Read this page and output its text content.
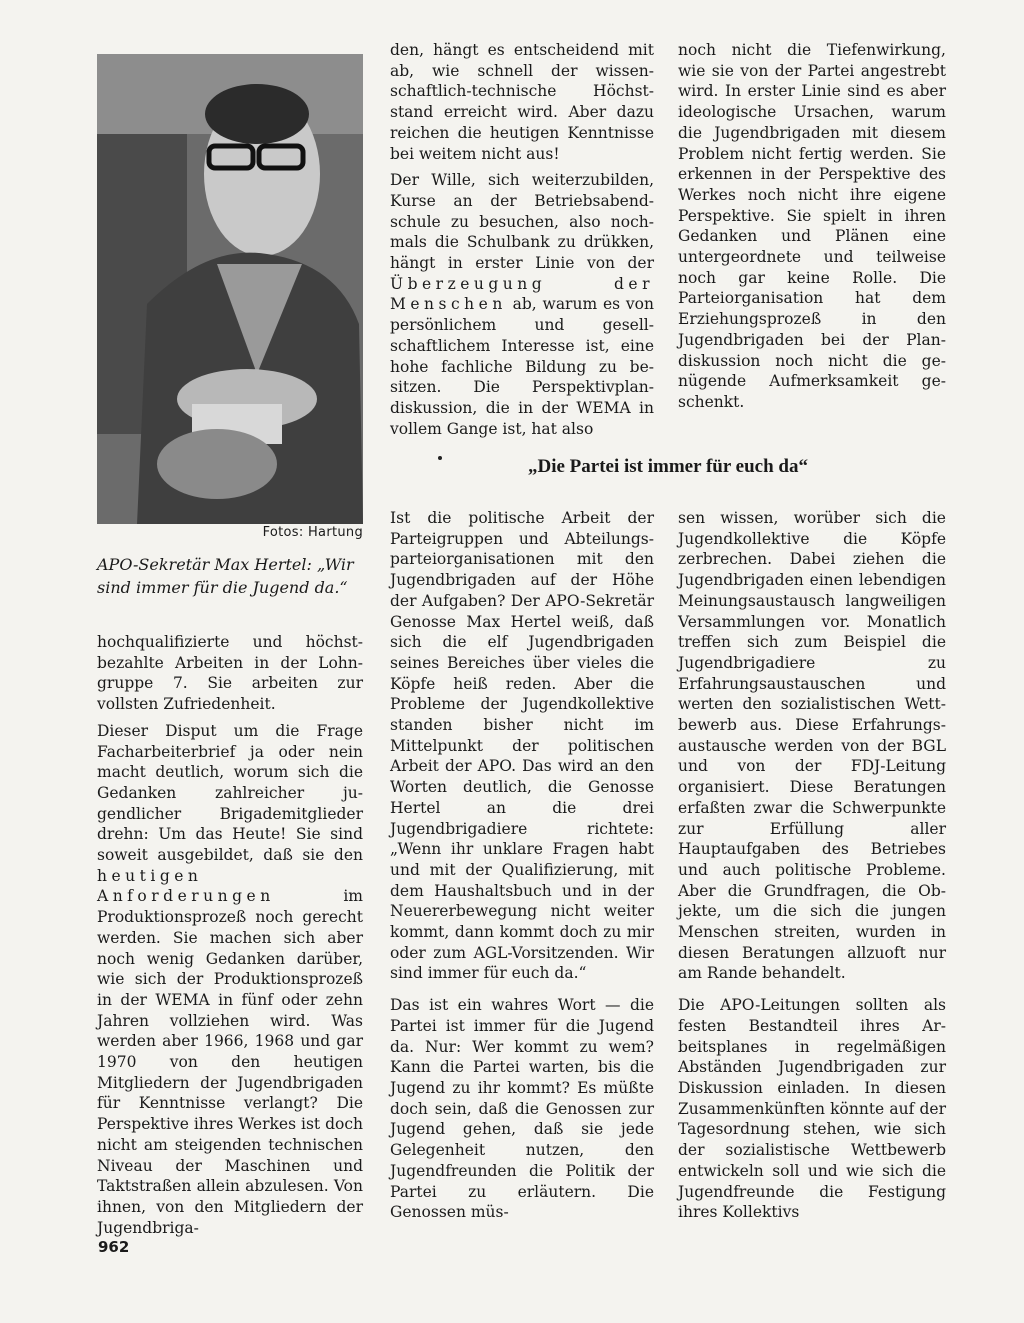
Fotos: Hartung
APO-Sekretär Max Hertel: „Wir sind immer für die Jugend da.“

den, hängt es entscheidend mit ab, wie schnell der wissenschaftlich-technische Höchststand erreicht wird. Aber dazu reichen die heutigen Kenntnisse bei weitem nicht aus!

Der Wille, sich weiterzubilden, Kurse an der Betriebsabendschule zu besuchen, also nochmals die Schulbank zu drükken, hängt in erster Linie von der Überzeugung der Menschen ab, warum es von persönlichem und gesellschaftlichem Interesse ist, eine hohe fachliche Bildung zu besitzen. Die Perspektivplandiskussion, die in der WEMA in vollem Gange ist, hat also

noch nicht die Tiefenwirkung, wie sie von der Partei angestrebt wird. In erster Linie sind es aber ideologische Ursachen, warum die Jugendbrigaden mit diesem Problem nicht fertig werden. Sie erkennen in der Perspektive des Werkes noch nicht ihre eigene Perspektive. Sie spielt in ihren Gedanken und Plänen eine untergeordnete und teilweise noch gar keine Rolle. Die Parteiorganisation hat dem Erziehungsprozeß in den Jugendbrigaden bei der Plandiskussion noch nicht die genügende Aufmerksamkeit geschenkt.

„Die Partei ist immer für euch da“

hochqualifizierte und höchstbezahlte Arbeiten in der Lohngruppe 7. Sie arbeiten zur vollsten Zufriedenheit.

Dieser Disput um die Frage Facharbeiterbrief ja oder nein macht deutlich, worum sich die Gedanken zahlreicher jugendlicher Brigademitglieder drehn: Um das Heute! Sie sind soweit ausgebildet, daß sie den heutigen Anforderungen im Produktionsprozeß noch gerecht werden. Sie machen sich aber noch wenig Gedanken darüber, wie sich der Produktionsprozeß in der WEMA in fünf oder zehn Jahren vollziehen wird. Was werden aber 1966, 1968 und gar 1970 von den heutigen Mitgliedern der Jugendbrigaden für Kenntnisse verlangt? Die Perspektive ihres Werkes ist doch nicht am steigenden technischen Niveau der Maschinen und Taktstraßen allein abzulesen. Von ihnen, von den Mitgliedern der Jugendbriga-

Ist die politische Arbeit der Parteigruppen und Abteilungsparteiorganisationen mit den Jugendbrigaden auf der Höhe der Aufgaben? Der APO-Sekretär Genosse Max Hertel weiß, daß sich die elf Jugendbrigaden seines Bereiches über vieles die Köpfe heiß reden. Aber die Probleme der Jugendkollektive standen bisher nicht im Mittelpunkt der politischen Arbeit der APO. Das wird an den Worten deutlich, die Genosse Hertel an die drei Jugendbrigadiere richtete: „Wenn ihr unklare Fragen habt und mit der Qualifizierung, mit dem Haushaltsbuch und in der Neuererbewegung nicht weiter kommt, dann kommt doch zu mir oder zum AGL-Vorsitzenden. Wir sind immer für euch da.“

Das ist ein wahres Wort — die Partei ist immer für die Jugend da. Nur: Wer kommt zu wem? Kann die Partei warten, bis die Jugend zu ihr kommt? Es müßte doch sein, daß die Genossen zur Jugend gehen, daß sie jede Gelegenheit nutzen, den Jugendfreunden die Politik der Partei zu erläutern. Die Genossen müs-

sen wissen, worüber sich die Jugendkollektive die Köpfe zerbrechen. Dabei ziehen die Jugendbrigaden einen lebendigen Meinungsaustausch langweiligen Versammlungen vor. Monatlich treffen sich zum Beispiel die Jugendbrigadiere zu Erfahrungsaustauschen und werten den sozialistischen Wettbewerb aus. Diese Erfahrungsaustausche werden von der BGL und von der FDJ-Leitung organisiert. Diese Beratungen erfaßten zwar die Schwerpunkte zur Erfüllung aller Hauptaufgaben des Betriebes und auch politische Probleme. Aber die Grundfragen, die Objekte, um die sich die jungen Menschen streiten, wurden in diesen Beratungen allzuoft nur am Rande behandelt.

Die APO-Leitungen sollten als festen Bestandteil ihres Arbeitsplanes in regelmäßigen Abständen Jugendbrigaden zur Diskussion einladen. In diesen Zusammenkünften könnte auf der Tagesordnung stehen, wie sich der sozialistische Wettbewerb entwickeln soll und wie sich die Jugendfreunde die Festigung ihres Kollektivs

962
